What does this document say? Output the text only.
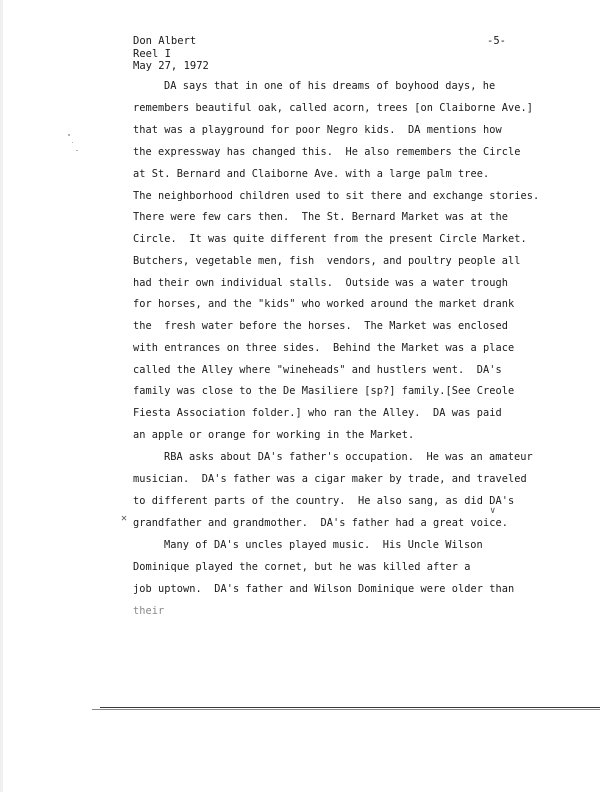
Don Albert
Reel I
May 27, 1972
-5-
DA says that in one of his dreams of boyhood days, he
remembers beautiful oak, called acorn, trees [on Claiborne Ave.]
that was a playground for poor Negro kids.  DA mentions how
the expressway has changed this.  He also remembers the Circle
at St. Bernard and Claiborne Ave. with a large palm tree.
The neighborhood children used to sit there and exchange stories.
There were few cars then.  The St. Bernard Market was at the
Circle.  It was quite different from the present Circle Market.
Butchers, vegetable men, fish  vendors, and poultry people all
had their own individual stalls.  Outside was a water trough
for horses, and the "kids" who worked around the market drank
the  fresh water before the horses.  The Market was enclosed
with entrances on three sides.  Behind the Market was a place
called the Alley where "wineheads" and hustlers went.  DA's
family was close to the De Masiliere [sp?] family.[See Creole
Fiesta Association folder.] who ran the Alley.  DA was paid
an apple or orange for working in the Market.
RBA asks about DA's father's occupation.  He was an amateur
musician.  DA's father was a cigar maker by trade, and traveled
to different parts of the country.  He also sang, as did DA's
grandfather and grandmother.  DA's father had a great voice.
Many of DA's uncles played music.  His Uncle Wilson
Dominique played the cornet, but he was killed after a
job uptown.  DA's father and Wilson Dominique were older than
their
✕
∨
